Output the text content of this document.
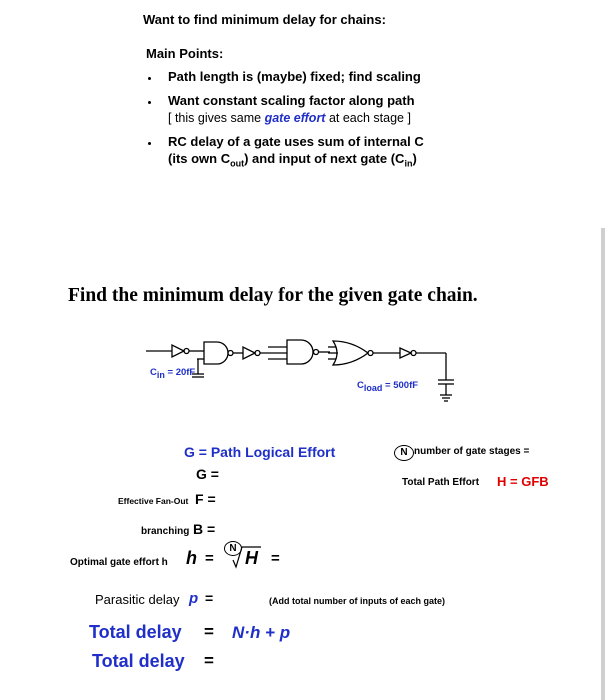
Want to find minimum delay for chains:
Main Points:
Path length is (maybe) fixed; find scaling
Want constant scaling factor along path
[ this gives same gate effort at each stage ]
RC delay of a gate uses sum of internal C
(its own $C_{out}$) and input of next gate $(C_{in})$
Find the minimum delay for the given gate chain.
$C_{in} = 20fF$
$C_{load} = 500fF$
G = Path Logical Effort
G =
N number of gate stages =
Total Path Effort H = GFB
Effective Fan-Out F =
branching B =
Optimal gate effort h h =
N H =
Parasitic delay p =	(Add total number of inputs of each gate)
Total delay = N·h + p
Total delay =
